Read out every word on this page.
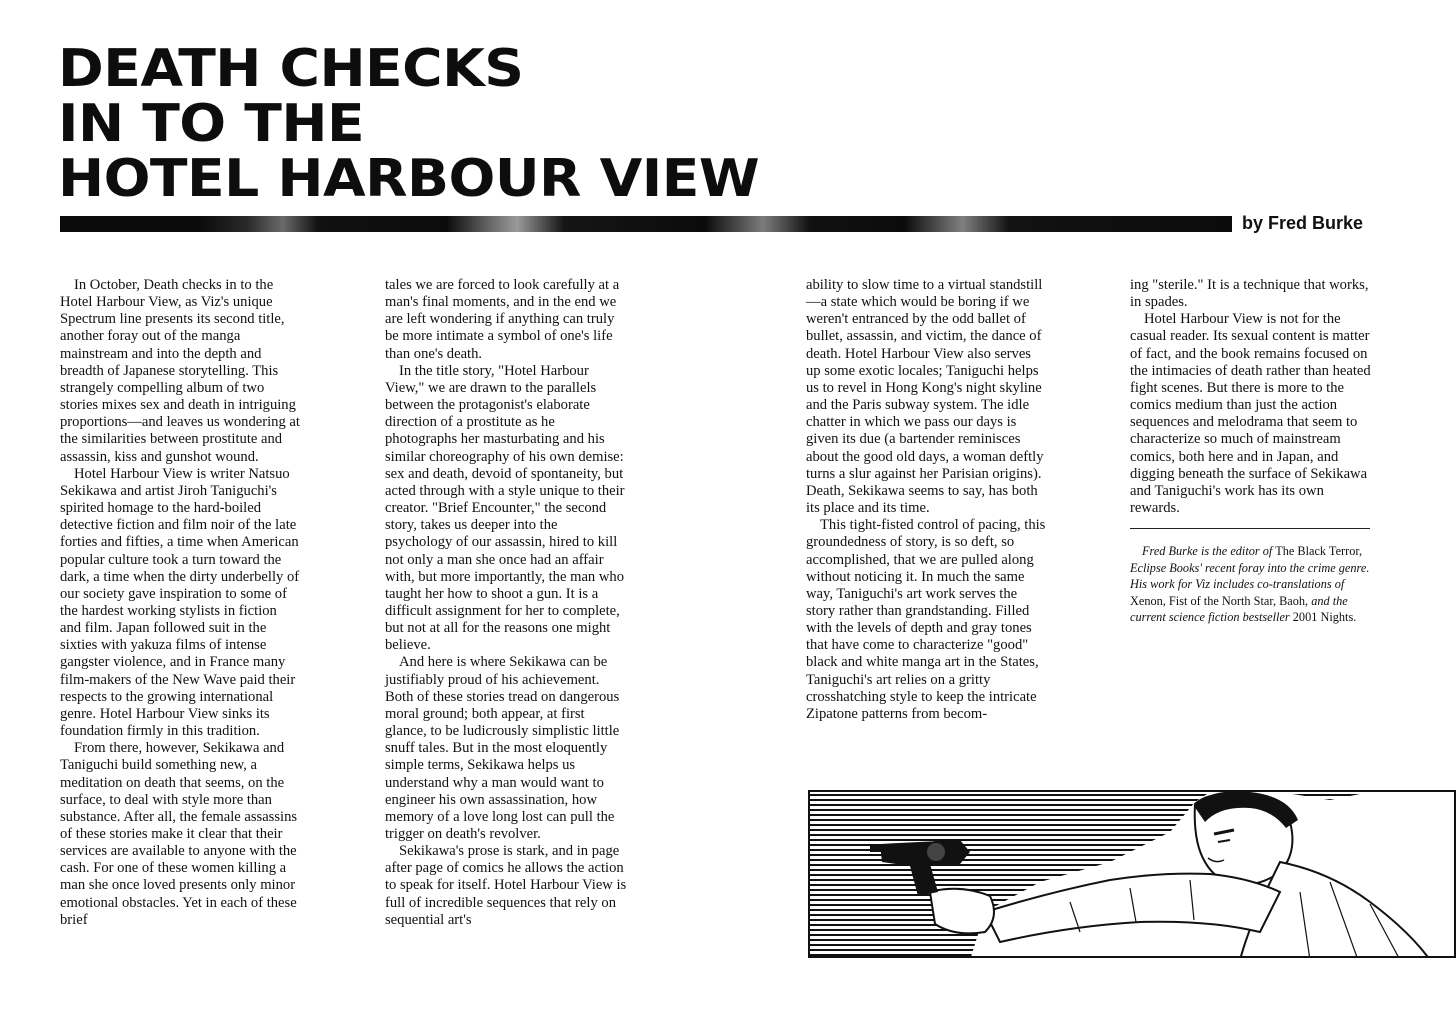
DEATH CHECKS
IN TO THE
HOTEL HARBOUR VIEW
by Fred Burke

In October, Death checks in to the Hotel Harbour View, as Viz's unique Spectrum line presents its second title, another foray out of the manga mainstream and into the depth and breadth of Japanese storytelling. This strangely compelling album of two stories mixes sex and death in intriguing proportions—and leaves us wondering at the similarities between prostitute and assassin, kiss and gunshot wound.

Hotel Harbour View is writer Natsuo Sekikawa and artist Jiroh Taniguchi's spirited homage to the hard-boiled detective fiction and film noir of the late forties and fifties, a time when American popular culture took a turn toward the dark, a time when the dirty underbelly of our society gave inspiration to some of the hardest working stylists in fiction and film. Japan followed suit in the sixties with yakuza films of intense gangster violence, and in France many film-makers of the New Wave paid their respects to the growing international genre. Hotel Harbour View sinks its foundation firmly in this tradition.

From there, however, Sekikawa and Taniguchi build something new, a meditation on death that seems, on the surface, to deal with style more than substance. After all, the female assassins of these stories make it clear that their services are available to anyone with the cash. For one of these women killing a man she once loved presents only minor emotional obstacles. Yet in each of these brief

tales we are forced to look carefully at a man's final moments, and in the end we are left wondering if anything can truly be more intimate a symbol of one's life than one's death.

In the title story, "Hotel Harbour View," we are drawn to the parallels between the protagonist's elaborate direction of a prostitute as he photographs her masturbating and his similar choreography of his own demise: sex and death, devoid of spontaneity, but acted through with a style unique to their creator. "Brief Encounter," the second story, takes us deeper into the psychology of our assassin, hired to kill not only a man she once had an affair with, but more importantly, the man who taught her how to shoot a gun. It is a difficult assignment for her to complete, but not at all for the reasons one might believe.

And here is where Sekikawa can be justifiably proud of his achievement. Both of these stories tread on dangerous moral ground; both appear, at first glance, to be ludicrously simplistic little snuff tales. But in the most eloquently simple terms, Sekikawa helps us understand why a man would want to engineer his own assassination, how memory of a love long lost can pull the trigger on death's revolver.

Sekikawa's prose is stark, and in page after page of comics he allows the action to speak for itself. Hotel Harbour View is full of incredible sequences that rely on sequential art's

ability to slow time to a virtual standstill—a state which would be boring if we weren't entranced by the odd ballet of bullet, assassin, and victim, the dance of death. Hotel Harbour View also serves up some exotic locales; Taniguchi helps us to revel in Hong Kong's night skyline and the Paris subway system. The idle chatter in which we pass our days is given its due (a bartender reminisces about the good old days, a woman deftly turns a slur against her Parisian origins). Death, Sekikawa seems to say, has both its place and its time.

This tight-fisted control of pacing, this groundedness of story, is so deft, so accomplished, that we are pulled along without noticing it. In much the same way, Taniguchi's art work serves the story rather than grandstanding. Filled with the levels of depth and gray tones that have come to characterize "good" black and white manga art in the States, Taniguchi's art relies on a gritty crosshatching style to keep the intricate Zipatone patterns from becom-

ing "sterile." It is a technique that works, in spades.

Hotel Harbour View is not for the casual reader. Its sexual content is matter of fact, and the book remains focused on the intimacies of death rather than heated fight scenes. But there is more to the comics medium than just the action sequences and melodrama that seem to characterize so much of mainstream comics, both here and in Japan, and digging beneath the surface of Sekikawa and Taniguchi's work has its own rewards.

Fred Burke is the editor of The Black Terror, Eclipse Books' recent foray into the crime genre. His work for Viz includes co-translations of Xenon, Fist of the North Star, Baoh, and the current science fiction bestseller 2001 Nights.
